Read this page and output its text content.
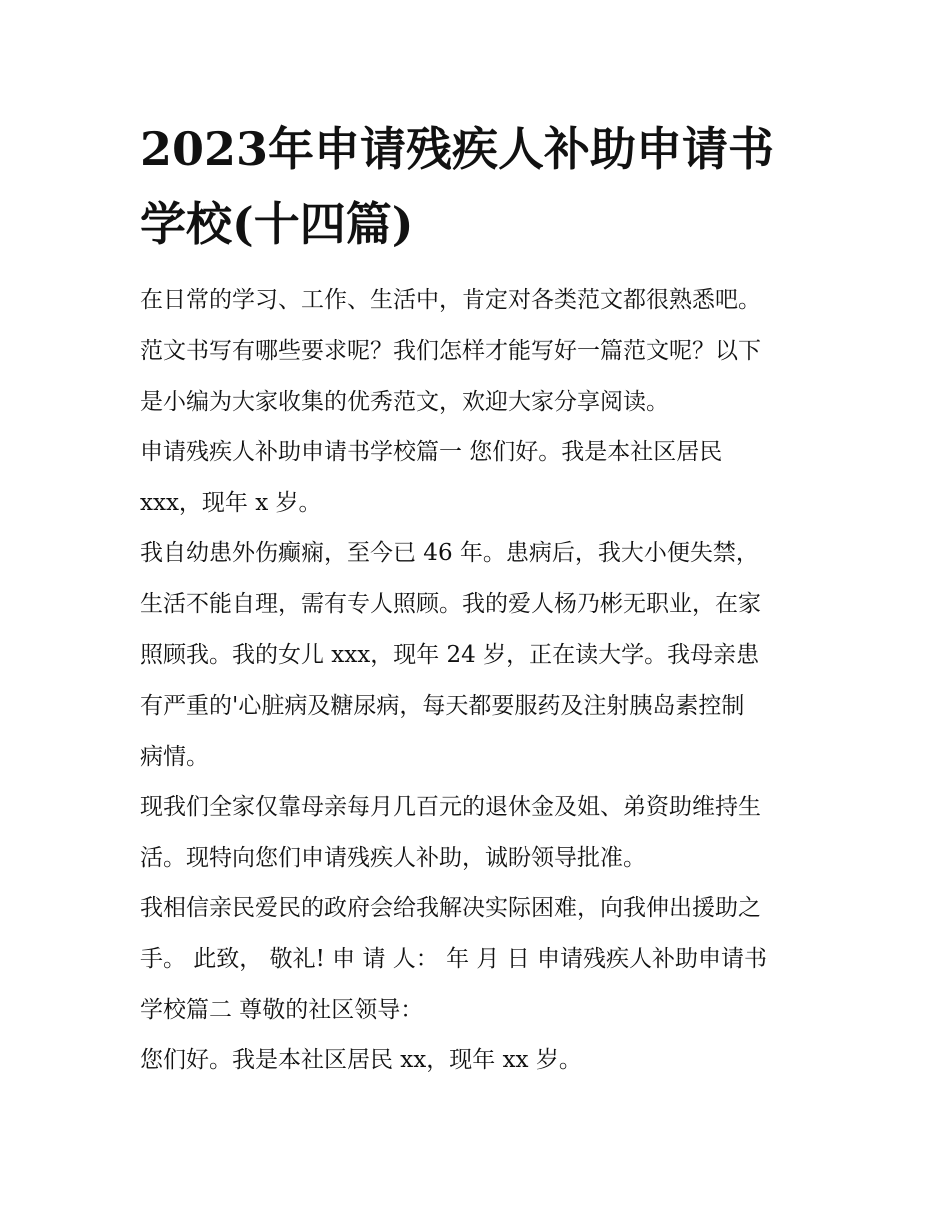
2023年申请残疾人补助申请书
学校(十四篇)
在日常的学习、工作、生活中，肯定对各类范文都很熟悉吧。
范文书写有哪些要求呢？我们怎样才能写好一篇范文呢？以下
是小编为大家收集的优秀范文，欢迎大家分享阅读。
申请残疾人补助申请书学校篇一 您们好。我是本社区居民
xxx，现年 x 岁。
我自幼患外伤癫痫，至今已 46 年。患病后，我大小便失禁，
生活不能自理，需有专人照顾。我的爱人杨乃彬无职业，在家
照顾我。我的女儿 xxx，现年 24 岁，正在读大学。我母亲患
有严重的'心脏病及糖尿病，每天都要服药及注射胰岛素控制
病情。
现我们全家仅靠母亲每月几百元的退休金及姐、弟资助维持生
活。现特向您们申请残疾人补助，诚盼领导批准。
我相信亲民爱民的政府会给我解决实际困难，向我伸出援助之
手。 此致， 敬礼! 申 请 人： 年 月 日 申请残疾人补助申请书
学校篇二 尊敬的社区领导：
您们好。我是本社区居民 xx，现年 xx 岁。
